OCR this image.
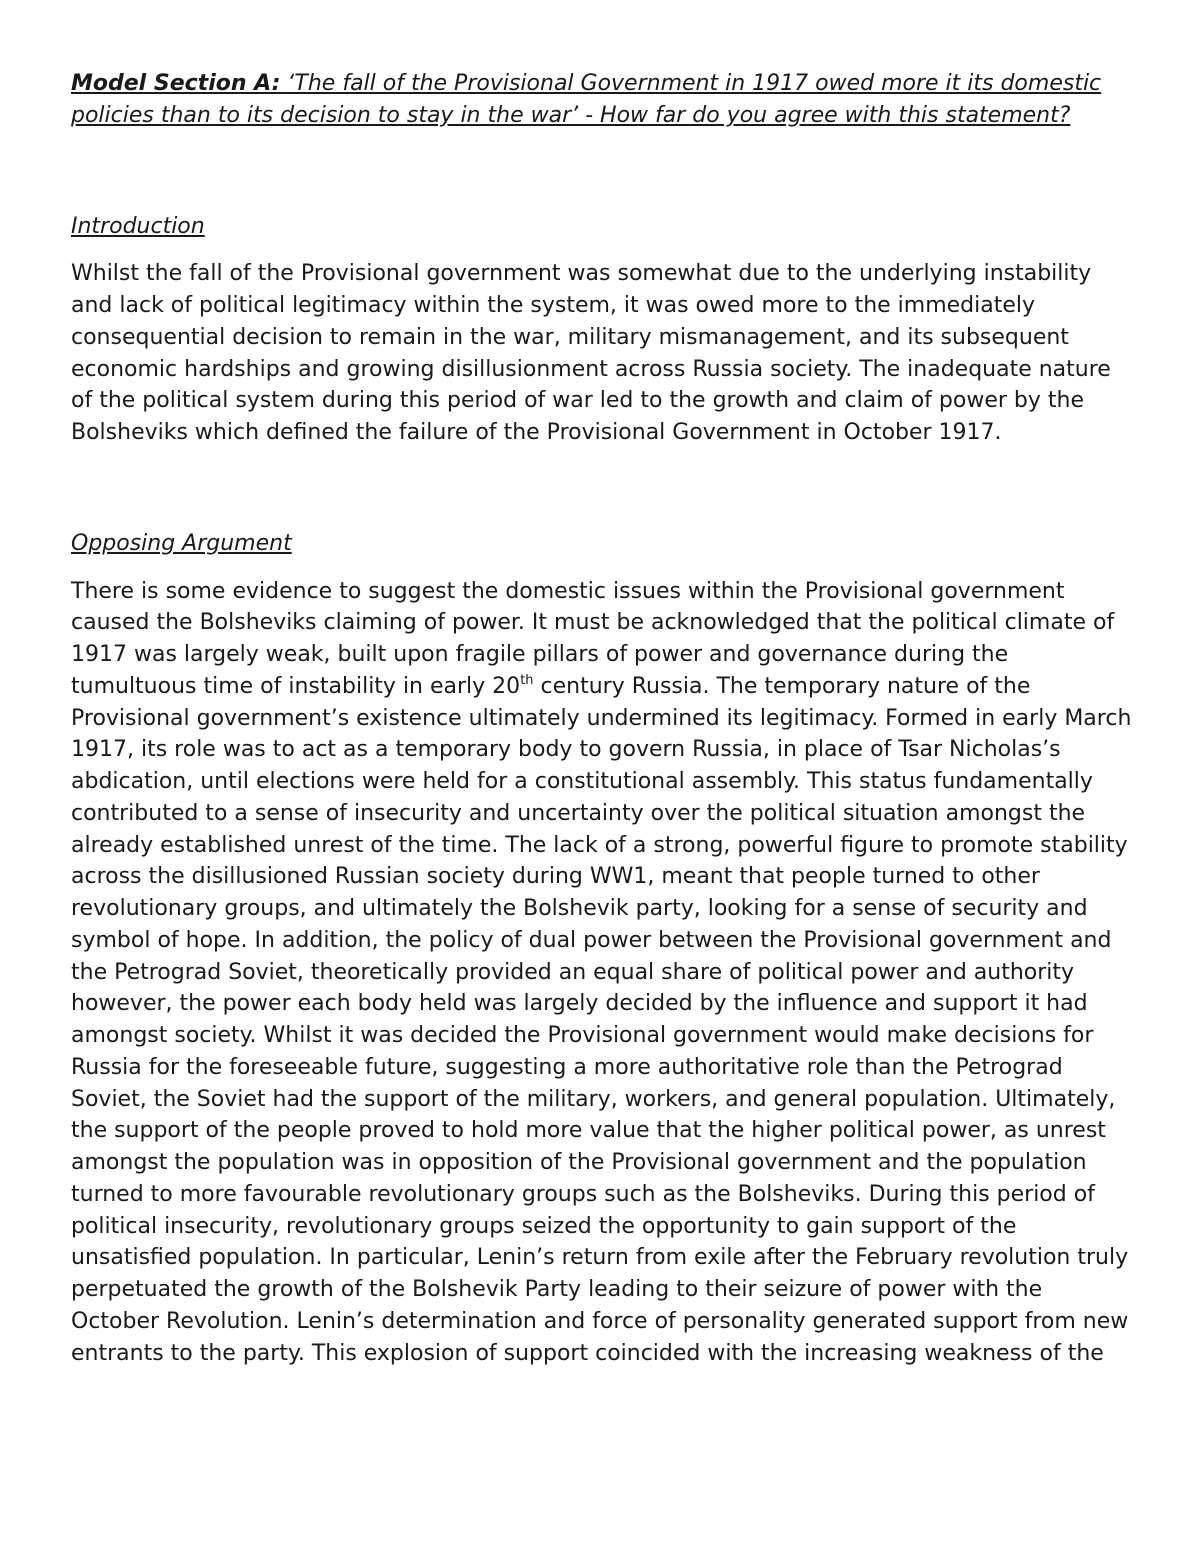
Model Section A: ‘The fall of the Provisional Government in 1917 owed more it its domestic policies than to its decision to stay in the war’ - How far do you agree with this statement?

Introduction

Whilst the fall of the Provisional government was somewhat due to the underlying instability and lack of political legitimacy within the system, it was owed more to the immediately consequential decision to remain in the war, military mismanagement, and its subsequent economic hardships and growing disillusionment across Russia society. The inadequate nature of the political system during this period of war led to the growth and claim of power by the Bolsheviks which defined the failure of the Provisional Government in October 1917.

Opposing Argument

There is some evidence to suggest the domestic issues within the Provisional government caused the Bolsheviks claiming of power. It must be acknowledged that the political climate of 1917 was largely weak, built upon fragile pillars of power and governance during the tumultuous time of instability in early 20th century Russia. The temporary nature of the Provisional government’s existence ultimately undermined its legitimacy. Formed in early March 1917, its role was to act as a temporary body to govern Russia, in place of Tsar Nicholas’s abdication, until elections were held for a constitutional assembly. This status fundamentally contributed to a sense of insecurity and uncertainty over the political situation amongst the already established unrest of the time. The lack of a strong, powerful figure to promote stability across the disillusioned Russian society during WW1, meant that people turned to other revolutionary groups, and ultimately the Bolshevik party, looking for a sense of security and symbol of hope. In addition, the policy of dual power between the Provisional government and the Petrograd Soviet, theoretically provided an equal share of political power and authority however, the power each body held was largely decided by the influence and support it had amongst society. Whilst it was decided the Provisional government would make decisions for Russia for the foreseeable future, suggesting a more authoritative role than the Petrograd Soviet, the Soviet had the support of the military, workers, and general population. Ultimately, the support of the people proved to hold more value that the higher political power, as unrest amongst the population was in opposition of the Provisional government and the population turned to more favourable revolutionary groups such as the Bolsheviks. During this period of political insecurity, revolutionary groups seized the opportunity to gain support of the unsatisfied population. In particular, Lenin’s return from exile after the February revolution truly perpetuated the growth of the Bolshevik Party leading to their seizure of power with the October Revolution. Lenin’s determination and force of personality generated support from new entrants to the party. This explosion of support coincided with the increasing weakness of the
